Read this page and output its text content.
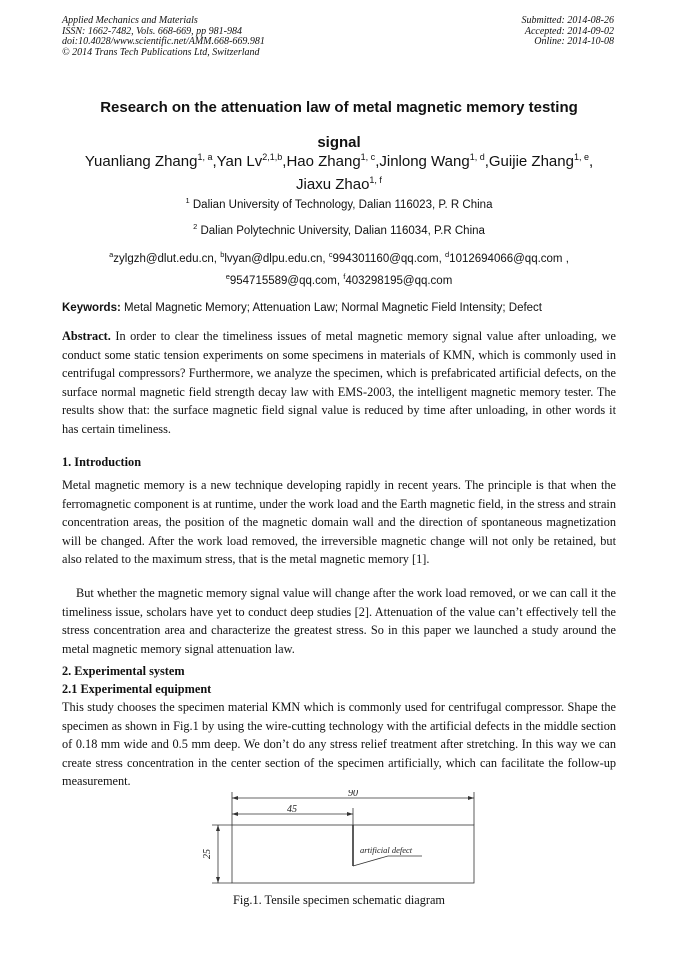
Applied Mechanics and Materials
ISSN: 1662-7482, Vols. 668-669, pp 981-984
doi:10.4028/www.scientific.net/AMM.668-669.981
© 2014 Trans Tech Publications Ltd, Switzerland
Submitted: 2014-08-26
Accepted: 2014-09-02
Online: 2014-10-08
Research on the attenuation law of metal magnetic memory testing
signal
Yuanliang Zhang$^{1, a}$,Yan Lv$^{2,1,b}$,Hao Zhang$^{1, c}$,Jinlong Wang$^{1, d}$,Guijie Zhang$^{1, e}$,
Jiaxu Zhao$^{1, f}$
$^1$ Dalian University of Technology, Dalian 116023, P. R China
$^2$ Dalian Polytechnic University, Dalian 116034, P.R China
$^a$zylgzh@dlut.edu.cn, $^b$lvyan@dlpu.edu.cn, $^c$994301160@qq.com, $^d$1012694066@qq.com ,
$^e$954715589@qq.com, $^f$403298195@qq.com
Keywords: Metal Magnetic Memory; Attenuation Law; Normal Magnetic Field Intensity; Defect
Abstract. In order to clear the timeliness issues of metal magnetic memory signal value after unloading, we conduct some static tension experiments on some specimens in materials of KMN, which is commonly used in centrifugal compressors? Furthermore, we analyze the specimen, which is prefabricated artificial defects, on the surface normal magnetic field strength decay law with EMS-2003, the intelligent magnetic memory tester. The results show that: the surface magnetic field signal value is reduced by time after unloading, in other words it has certain timeliness.
1. Introduction
Metal magnetic memory is a new technique developing rapidly in recent years. The principle is that when the ferromagnetic component is at runtime, under the work load and the Earth magnetic field, in the stress and strain concentration areas, the position of the magnetic domain wall and the direction of spontaneous magnetization will be changed. After the work load removed, the irreversible magnetic change will not only be retained, but also related to the maximum stress, that is the metal magnetic memory [1].
But whether the magnetic memory signal value will change after the work load removed, or we can call it the timeliness issue, scholars have yet to conduct deep studies [2]. Attenuation of the value can’t effectively tell the stress concentration area and characterize the greatest stress. So in this paper we launched a study around the metal magnetic memory signal attenuation law.
2. Experimental system
2.1 Experimental equipment
This study chooses the specimen material KMN which is commonly used for centrifugal compressor. Shape the specimen as shown in Fig.1 by using the wire-cutting technology with the artificial defects in the middle section of 0.18 mm wide and 0.5 mm deep. We don’t do any stress relief treatment after stretching. In this way we can create stress concentration in the center section of the specimen artificially, which can facilitate the follow-up measurement.
90
45
25	artificial defect
Fig.1. Tensile specimen schematic diagram
